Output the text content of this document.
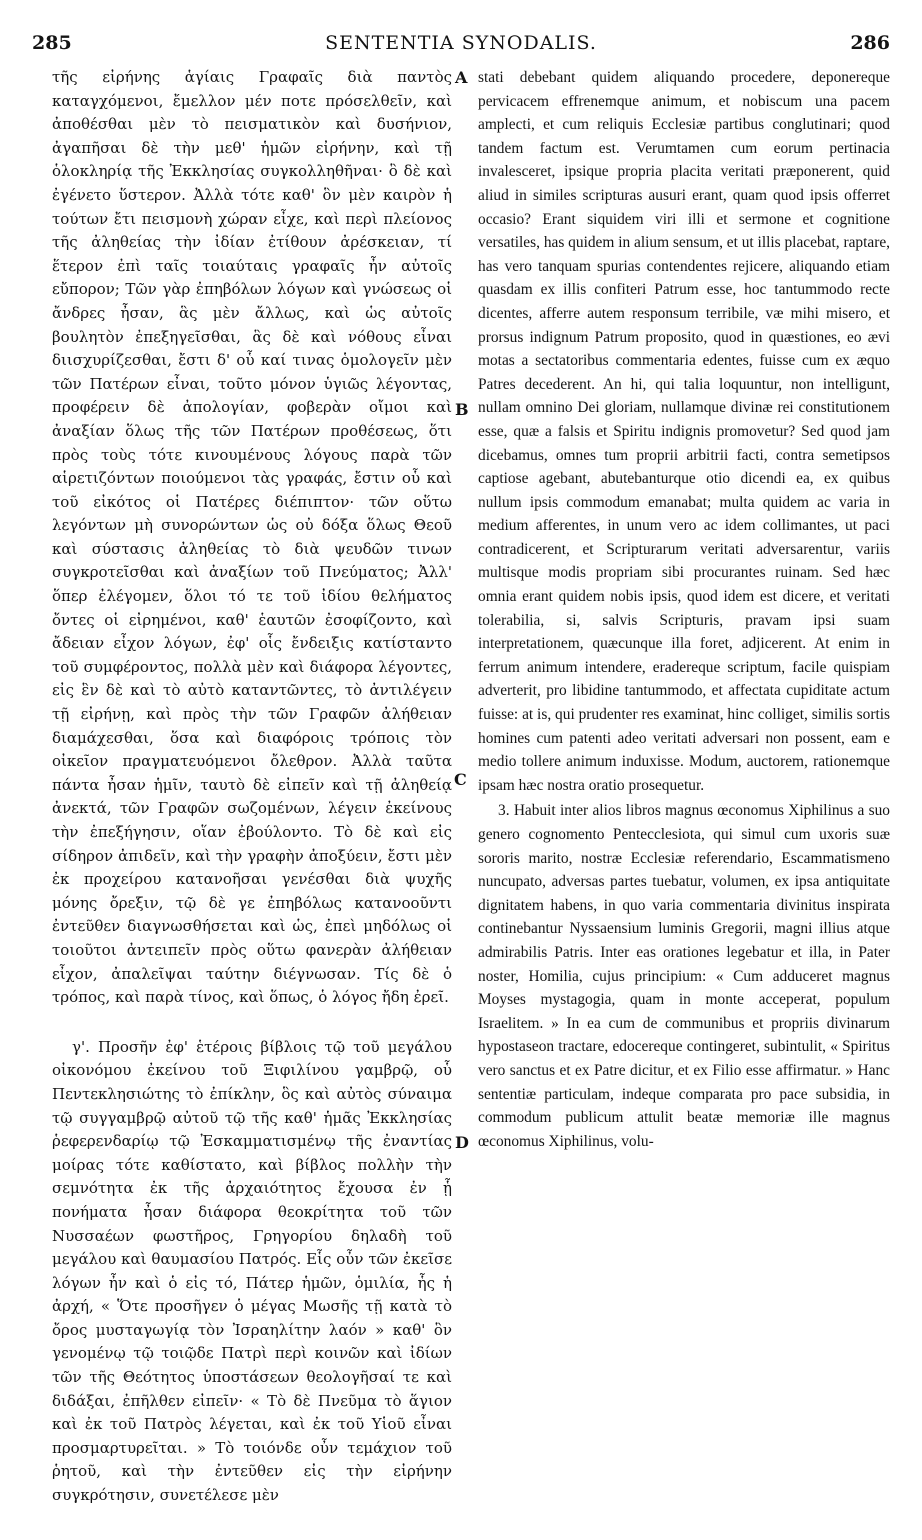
285	SENTENTIA SYNODALIS.	286

τῆς εἰρήνης ἁγίαις Γραφαῖς διὰ παντὸς καταγχόμενοι, ἔμελλον μέν ποτε πρόσελθεῖν, καὶ ἀποθέσθαι μὲν τὸ πεισματικὸν καὶ δυσήνιον, ἀγαπῆσαι δὲ τὴν μεθ' ἡμῶν εἰρήνην, καὶ τῇ ὁλοκληρίᾳ τῆς Ἐκκλησίας συγκολληθῆναι· ὃ δὲ καὶ ἐγένετο ὕστερον. Ἀλλὰ τότε καθ' ὃν μὲν καιρὸν ἡ τούτων ἔτι πεισμονὴ χώραν εἶχε, καὶ περὶ πλείονος τῆς ἀληθείας τὴν ἰδίαν ἐτίθουν ἀρέσκειαν, τί ἕτερον ἐπὶ ταῖς τοιαύταις γραφαῖς ἦν αὐτοῖς εὔπορον; Τῶν γὰρ ἐπηβόλων λόγων καὶ γνώσεως οἱ ἄνδρες ἦσαν, ἃς μὲν ἄλλως, καὶ ὡς αὐτοῖς βουλητὸν ἐπεξηγεῖσθαι, ἃς δὲ καὶ νόθους εἶναι διισχυρίζεσθαι, ἔστι δ' οὗ καί τινας ὁμολογεῖν μὲν τῶν Πατέρων εἶναι, τοῦτο μόνον ὑγιῶς λέγοντας, προφέρειν δὲ ἀπολογίαν, φοβερὰν οἴμοι καὶ ἀναξίαν ὅλως τῆς τῶν Πατέρων προθέσεως, ὅτι πρὸς τοὺς τότε κινουμένους λόγους παρὰ τῶν αἱρετιζόντων ποιούμενοι τὰς γραφάς, ἔστιν οὗ καὶ τοῦ εἰκότος οἱ Πατέρες διέπιπτον· τῶν οὕτω λεγόντων μὴ συνορώντων ὡς οὐ δόξα ὅλως Θεοῦ καὶ σύστασις ἀληθείας τὸ διὰ ψευδῶν τινων συγκροτεῖσθαι καὶ ἀναξίων τοῦ Πνεύματος; Ἀλλ' ὅπερ ἐλέγομεν, ὅλοι τό τε τοῦ ἰδίου θελήματος ὄντες οἱ εἰρημένοι, καθ' ἑαυτῶν ἐσοφίζοντο, καὶ ἄδειαν εἶχον λόγων, ἐφ' οἷς ἔνδειξις κατίσταντο τοῦ συμφέροντος, πολλὰ μὲν καὶ διάφορα λέγοντες, εἰς ἓν δὲ καὶ τὸ αὐτὸ καταντῶντες, τὸ ἀντιλέγειν τῇ εἰρήνῃ, καὶ πρὸς τὴν τῶν Γραφῶν ἀλήθειαν διαμάχεσθαι, ὅσα καὶ διαφόροις τρόποις τὸν οἰκεῖον πραγματευόμενοι ὄλεθρον. Ἀλλὰ ταῦτα πάντα ἦσαν ἡμῖν, ταυτὸ δὲ εἰπεῖν καὶ τῇ ἀληθείᾳ ἀνεκτά, τῶν Γραφῶν σωζομένων, λέγειν ἐκείνους τὴν ἐπεξήγησιν, οἵαν ἐβούλοντο. Τὸ δὲ καὶ εἰς σίδηρον ἀπιδεῖν, καὶ τὴν γραφὴν ἀποξύειν, ἔστι μὲν ἐκ προχείρου κατανοῆσαι γενέσθαι διὰ ψυχῆς μόνης ὄρεξιν, τῷ δὲ γε ἐπηβόλως κατανοοῦντι ἐντεῦθεν διαγνωσθήσεται καὶ ὡς, ἐπεὶ μηδόλως οἱ τοιοῦτοι ἀντειπεῖν πρὸς οὕτω φανερὰν ἀλήθειαν εἶχον, ἀπαλεῖψαι ταύτην διέγνωσαν. Τίς δὲ ὁ τρόπος, καὶ παρὰ τίνος, καὶ ὅπως, ὁ λόγος ἤδη ἐρεῖ.

γ'. Προσῆν ἐφ' ἑτέροις βίβλοις τῷ τοῦ μεγάλου οἰκονόμου ἐκείνου τοῦ Ξιφιλίνου γαμβρῷ, οὗ Πεντεκλησιώτης τὸ ἐπίκλην, ὃς καὶ αὐτὸς σύναιμα τῷ συγγαμβρῷ αὐτοῦ τῷ τῆς καθ' ἡμᾶς Ἐκκλησίας ῥεφερενδαρίῳ τῷ Ἐσκαμματισμένῳ τῆς ἐναντίας μοίρας τότε καθίστατο, καὶ βίβλος πολλὴν τὴν σεμνότητα ἐκ τῆς ἀρχαιότητος ἔχουσα ἐν ᾗ πονήματα ἦσαν διάφορα θεοκρίτητα τοῦ τῶν Νυσσαέων φωστῆρος, Γρηγορίου δηλαδὴ τοῦ μεγάλου καὶ θαυμασίου Πατρός. Εἷς οὖν τῶν ἐκεῖσε λόγων ἦν καὶ ὁ εἰς τό, Πάτερ ἡμῶν, ὁμιλία, ἧς ἡ ἀρχή, « Ὅτε προσῆγεν ὁ μέγας Μωσῆς τῇ κατὰ τὸ ὄρος μυσταγωγίᾳ τὸν Ἰσραηλίτην λαόν » καθ' ὃν γενομένῳ τῷ τοιῷδε Πατρὶ περὶ κοινῶν καὶ ἰδίων τῶν τῆς Θεότητος ὑποστάσεων θεολογῆσαί τε καὶ διδάξαι, ἐπῆλθεν εἰπεῖν· « Τὸ δὲ Πνεῦμα τὸ ἅγιον καὶ ἐκ τοῦ Πατρὸς λέγεται, καὶ ἐκ τοῦ Υἱοῦ εἶναι προσμαρτυρεῖται. » Τὸ τοιόνδε οὖν τεμάχιον τοῦ ῥητοῦ, καὶ τὴν ἐντεῦθεν εἰς τὴν εἰρήνην συγκρότησιν, συνετέλεσε μὲν

A
B
C
D

stati debebant quidem aliquando procedere, deponereque pervicacem effrenemque animum, et nobiscum una pacem amplecti, et cum reliquis Ecclesiæ partibus conglutinari; quod tandem factum est. Verumtamen cum eorum pertinacia invalesceret, ipsique propria placita veritati præponerent, quid aliud in similes scripturas ausuri erant, quam quod ipsis offerret occasio? Erant siquidem viri illi et sermone et cognitione versatiles, has quidem in alium sensum, et ut illis placebat, raptare, has vero tanquam spurias contendentes rejicere, aliquando etiam quasdam ex illis confiteri Patrum esse, hoc tantummodo recte dicentes, afferre autem responsum terribile, væ mihi misero, et prorsus indignum Patrum proposito, quod in quæstiones, eo ævi motas a sectatoribus commentaria edentes, fuisse cum ex æquo Patres decederent. An hi, qui talia loquuntur, non intelligunt, nullam omnino Dei gloriam, nullamque divinæ rei constitutionem esse, quæ a falsis et Spiritu indignis promovetur? Sed quod jam dicebamus, omnes tum proprii arbitrii facti, contra semetipsos captiose agebant, abutebanturque otio dicendi ea, ex quibus nullum ipsis commodum emanabat; multa quidem ac varia in medium afferentes, in unum vero ac idem collimantes, ut paci contradicerent, et Scripturarum veritati adversarentur, variis multisque modis propriam sibi procurantes ruinam. Sed hæc omnia erant quidem nobis ipsis, quod idem est dicere, et veritati tolerabilia, si, salvis Scripturis, pravam ipsi suam interpretationem, quæcunque illa foret, adjicerent. At enim in ferrum animum intendere, eradereque scriptum, facile quispiam adverterit, pro libidine tantummodo, et affectata cupiditate actum fuisse: at is, qui prudenter res examinat, hinc colliget, similis sortis homines cum patenti adeo veritati adversari non possent, eam e medio tollere animum induxisse. Modum, auctorem, rationemque ipsam hæc nostra oratio prosequetur.

3. Habuit inter alios libros magnus œconomus Xiphilinus a suo genero cognomento Pentecclesiota, qui simul cum uxoris suæ sororis marito, nostræ Ecclesiæ referendario, Escammatismeno nuncupato, adversas partes tuebatur, volumen, ex ipsa antiquitate dignitatem habens, in quo varia commentaria divinitus inspirata continebantur Nyssaensium luminis Gregorii, magni illius atque admirabilis Patris. Inter eas orationes legebatur et illa, in Pater noster, Homilia, cujus principium: « Cum adduceret magnus Moyses mystagogia, quam in monte acceperat, populum Israelitem. » In ea cum de communibus et propriis divinarum hypostaseon tractare, edocereque contingeret, subintulit, « Spiritus vero sanctus et ex Patre dicitur, et ex Filio esse affirmatur. » Hanc sententiæ particulam, indeque comparata pro pace subsidia, in commodum publicum attulit beatæ memoriæ ille magnus œconomus Xiphilinus, volu-
